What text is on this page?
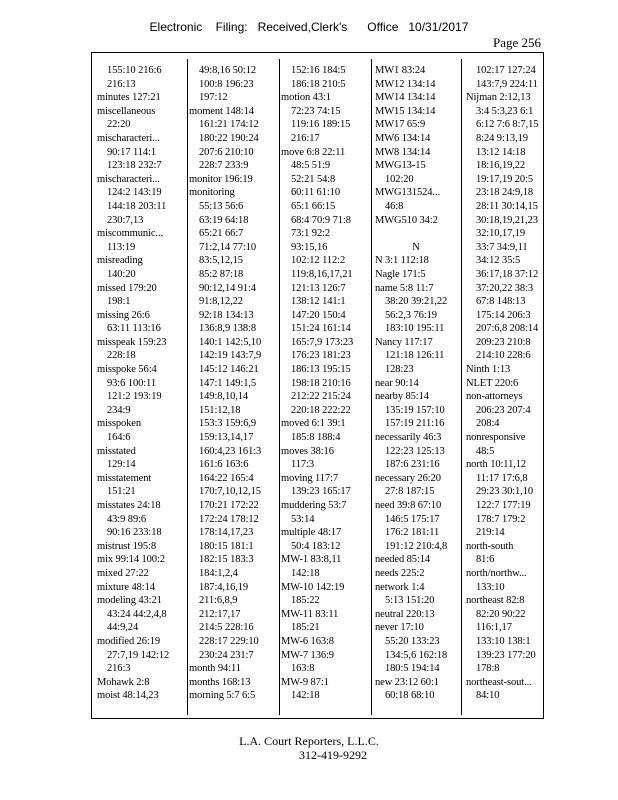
Electronic    Filing:   Received,Clerk's      Office   10/31/2017
Page 256
155:10 216:6
216:13
minutes 127:21
miscellaneous
22:20
mischaracteri...
90:17 114:1
123:18 232:7
mischaracteri...
124:2 143:19
144:18 203:11
230:7,13
miscommunic...
113:19
misreading
140:20
missed 179:20
198:1
missing 26:6
63:11 113:16
misspeak 159:23
228:18
misspoke 56:4
93:6 100:11
121:2 193:19
234:9
misspoken
164:6
misstated
129:14
misstatement
151:21
misstates 24:18
43:9 89:6
90:16 233:18
mistrust 195:8
mix 99:14 100:2
mixed 27:22
mixture 48:14
modeling 43:21
43:24 44:2,4,8
44:9,24
modified 26:19
27:7,19 142:12
216:3
Mohawk 2:8
moist 48:14,23
49:8,16 50:12
100:8 196:23
197:12
moment 148:14
161:21 174:12
180:22 190:24
207:6 210:10
228:7 233:9
monitor 196:19
monitoring
55:13 56:6
63:19 64:18
65:21 66:7
71:2,14 77:10
83:5,12,15
85:2 87:18
90:12,14 91:4
91:8,12,22
92:18 134:13
136:8,9 138:8
140:1 142:5,10
142:19 143:7,9
145:12 146:21
147:1 149:1,5
149:8,10,14
151:12,18
153:3 159:6,9
159:13,14,17
160:4,23 161:3
161:6 163:6
164:22 165:4
170:7,10,12,15
170:21 172:22
172:24 178:12
178:14,17,23
180:15 181:1
182:15 183:3
184:1,2,4
187:4,16,19
211:6,8,9
212:17,17
214:5 228:16
228:17 229:10
230:24 231:7
month 94:11
months 168:13
morning 5:7 6:5
152:16 184:5
186:18 210:5
motion 43:1
72:23 74:15
119:16 189:15
216:17
move 6:8 22:11
48:5 51:9
52:21 54:8
60:11 61:10
65:1 66:15
68:4 70:9 71:8
73:1 92:2
93:15,16
102:12 112:2
119:8,16,17,21
121:13 126:7
138:12 141:1
147:20 150:4
151:24 161:14
165:7,9 173:23
176:23 181:23
186:13 195:15
198:18 210:16
212:22 215:24
220:18 222:22
moved 6:1 39:1
185:8 188:4
moves 38:16
117:3
moving 117:7
139:23 165:17
muddering 53:7
53:14
multiple 48:17
50:4 183:12
MW-1 83:8,11
142:18
MW-10 142:19
185:22
MW-11 83:11
185:21
MW-6 163:8
MW-7 136:9
163:8
MW-9 87:1
142:18
MW1 83:24
MW12 134:14
MW14 134:14
MW15 134:14
MW17 65:9
MW6 134:14
MW8 134:14
MWG13-15
102:20
MWG131524...
46:8
MWG510 34:2
N
N 3:1 112:18
Nagle 171:5
name 5:8 11:7
38:20 39:21,22
56:2,3 76:19
183:10 195:11
Nancy 117:17
121:18 126:11
128:23
near 90:14
nearby 85:14
135:19 157:10
157:19 211:16
necessarily 46:3
122:23 125:13
187:6 231:16
necessary 26:20
27:8 187:15
need 39:8 67:10
146:5 175:17
176:2 181:11
191:12 210:4,8
needed 85:14
needs 225:2
network 1:4
5:13 151:20
neutral 220:13
never 17:10
55:20 133:23
134:5,6 162:18
180:5 194:14
new 23:12 60:1
60:18 68:10
102:17 127:24
143:7,9 224:11
Nijman 2:12,13
3:4 5:3,23 6:1
6:12 7:6 8:7,15
8:24 9:13,19
13:12 14:18
18:16,19,22
19:17,19 20:5
23:18 24:9,18
28:11 30:14,15
30:18,19,21,23
32:10,17,19
33:7 34:9,11
34:12 35:5
36:17,18 37:12
37:20,22 38:3
67:8 148:13
175:14 206:3
207:6,8 208:14
209:23 210:8
214:10 228:6
Ninth 1:13
NLET 220:6
non-attorneys
206:23 207:4
208:4
nonresponsive
48:5
north 10:11,12
11:17 17:6,8
29:23 30:1,10
122:7 177:19
178:7 179:2
219:14
north-south
81:6
north/northw...
133:10
northeast 82:8
82:20 90:22
116:1,17
133:10 138:1
139:23 177:20
178:8
northeast-sout...
84:10
L.A. Court Reporters, L.L.C.
312-419-9292
